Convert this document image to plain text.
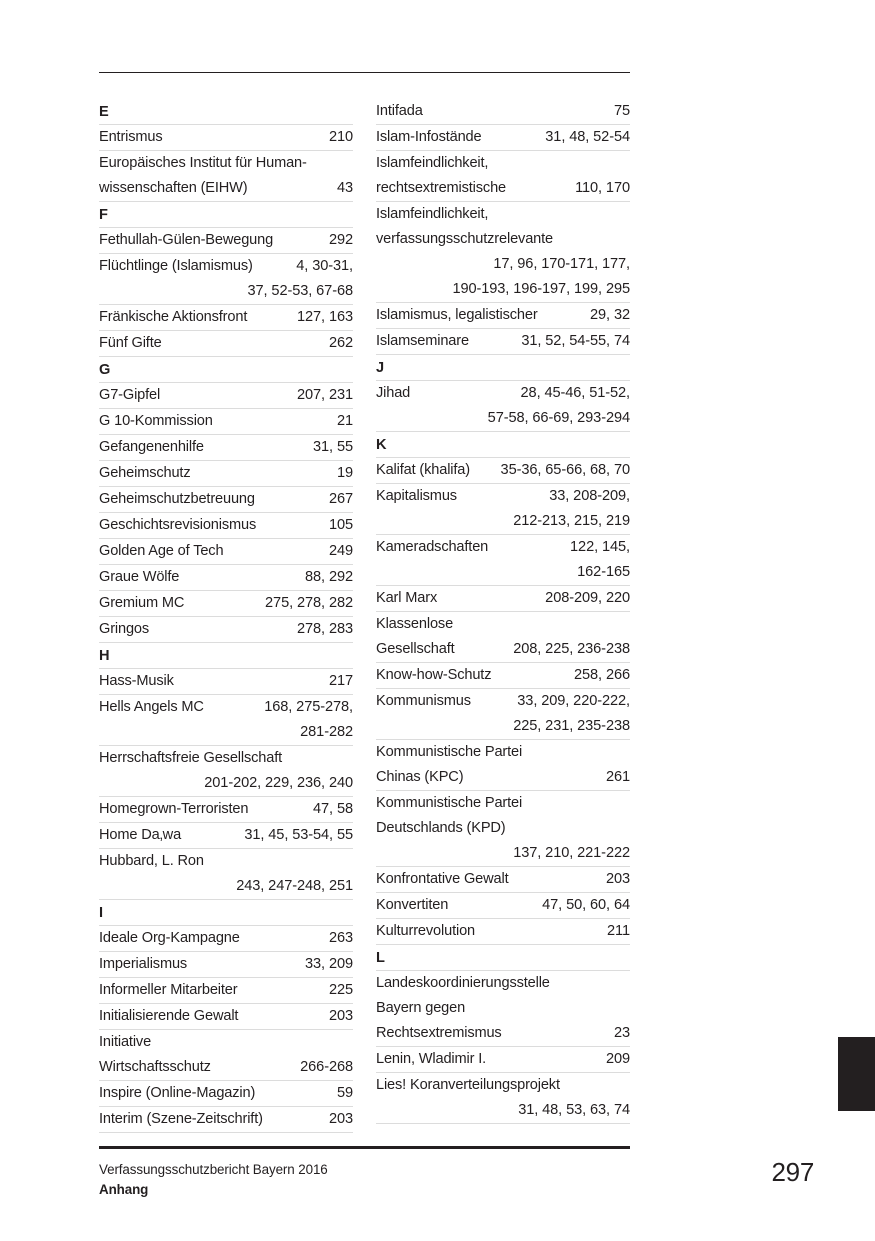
E
Entrismus	210
Europäisches Institut für Human-
wissenschaften (EIHW)	43
F
Fethullah-Gülen-Bewegung	292
Flüchtlinge (Islamismus)	4, 30-31,
37, 52-53, 67-68
Fränkische Aktionsfront	127, 163
Fünf Gifte	262
G
G7-Gipfel	207, 231
G 10-Kommission	21
Gefangenenhilfe	31, 55
Geheimschutz	19
Geheimschutzbetreuung	267
Geschichtsrevisionismus	105
Golden Age of Tech	249
Graue Wölfe	88, 292
Gremium MC	275, 278, 282
Gringos	278, 283
H
Hass-Musik	217
Hells Angels MC	168, 275-278,
281-282
Herrschaftsfreie Gesellschaft
201-202, 229, 236, 240
Homegrown-Terroristen	47, 58
Home Da‚wa	31, 45, 53-54, 55
Hubbard, L. Ron
243, 247-248, 251
I
Ideale Org-Kampagne	263
Imperialismus	33, 209
Informeller Mitarbeiter	225
Initialisierende Gewalt	203
Initiative
Wirtschaftsschutz	266-268
Inspire (Online-Magazin)	59
Interim (Szene-Zeitschrift)	203
Intifada	75
Islam-Infostände	31, 48, 52-54
Islamfeindlichkeit,
rechtsextremistische	110, 170
Islamfeindlichkeit,
verfassungsschutzrelevante
17, 96, 170-171, 177,
190-193, 196-197, 199, 295
Islamismus, legalistischer	29, 32
Islamseminare	31, 52, 54-55, 74
J
Jihad	28, 45-46, 51-52,
57-58, 66-69, 293-294
K
Kalifat (khalifa)	35-36, 65-66, 68, 70
Kapitalismus	33, 208-209,
212-213, 215, 219
Kameradschaften	122, 145,
162-165
Karl Marx	208-209, 220
Klassenlose
Gesellschaft	208, 225, 236-238
Know-how-Schutz	258, 266
Kommunismus	33, 209, 220-222,
225, 231, 235-238
Kommunistische Partei
Chinas (KPC)	261
Kommunistische Partei
Deutschlands (KPD)
137, 210, 221-222
Konfrontative Gewalt	203
Konvertiten	47, 50, 60, 64
Kulturrevolution	211
L
Landeskoordinierungsstelle
Bayern gegen
Rechtsextremismus	23
Lenin, Wladimir I.	209
Lies! Koranverteilungsprojekt
31, 48, 53, 63, 74
Verfassungsschutzbericht Bayern 2016
Anhang
297
